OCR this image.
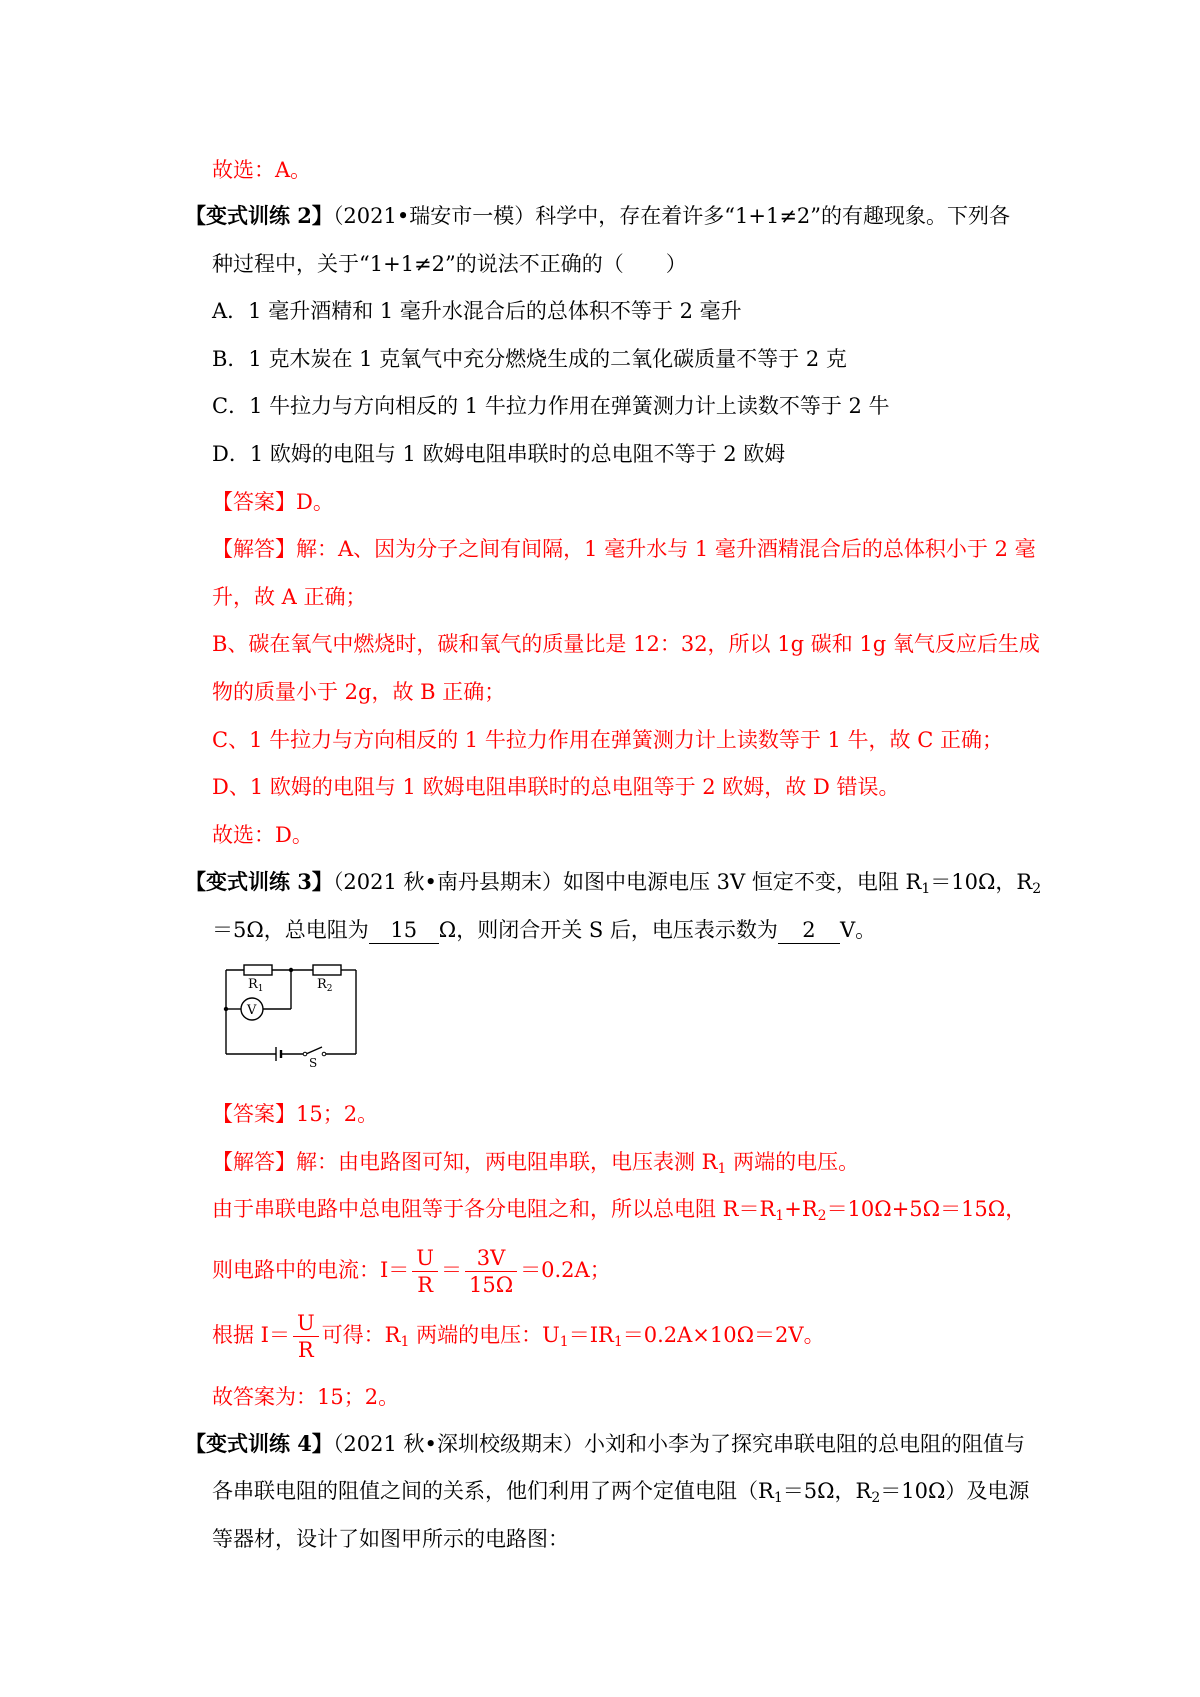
故选：A。
【变式训练 2】（2021•瑞安市一模）科学中，存在着许多“1+1≠2”的有趣现象。下列各
种过程中，关于“1+1≠2”的说法不正确的（　　）
A．1 毫升酒精和 1 毫升水混合后的总体积不等于 2 毫升
B．1 克木炭在 1 克氧气中充分燃烧生成的二氧化碳质量不等于 2 克
C．1 牛拉力与方向相反的 1 牛拉力作用在弹簧测力计上读数不等于 2 牛
D．1 欧姆的电阻与 1 欧姆电阻串联时的总电阻不等于 2 欧姆
【答案】D。
【解答】解：A、因为分子之间有间隔，1 毫升水与 1 毫升酒精混合后的总体积小于 2 毫
升，故 A 正确；
B、碳在氧气中燃烧时，碳和氧气的质量比是 12：32，所以 1g 碳和 1g 氧气反应后生成
物的质量小于 2g，故 B 正确；
C、1 牛拉力与方向相反的 1 牛拉力作用在弹簧测力计上读数等于 1 牛，故 C 正确；
D、1 欧姆的电阻与 1 欧姆电阻串联时的总电阻等于 2 欧姆，故 D 错误。
故选：D。
【变式训练 3】（2021 秋•南丹县期末）如图中电源电压 3V 恒定不变，电阻 $R_1=10\Omega$，$R_2$
＝5Ω，总电阻为 15 Ω，则闭合开关 S 后，电压表示数为 2 V。
$R_1$	$R_2$
V
S
【答案】15；2。
【解答】解：由电路图可知，两电阻串联，电压表测 $R_1$ 两端的电压。
由于串联电路中总电阻等于各分电阻之和，所以总电阻 $R=R_1+R_2=10\Omega+5\Omega=15\Omega$，
则电路中的电流：$I= \frac{U}{R} = \frac{3V}{15\Omega} =0.2A$；
根据 $I= \frac{U}{R}$ 可得：$R_1$ 两端的电压：$U_1=IR_1=0.2A\times 10\Omega=2V$。
故答案为：15；2。
【变式训练 4】（2021 秋•深圳校级期末）小刘和小李为了探究串联电阻的总电阻的阻值与
各串联电阻的阻值之间的关系，他们利用了两个定值电阻（$R_1=5\Omega$，$R_2=10\Omega$）及电源
等器材，设计了如图甲所示的电路图：
